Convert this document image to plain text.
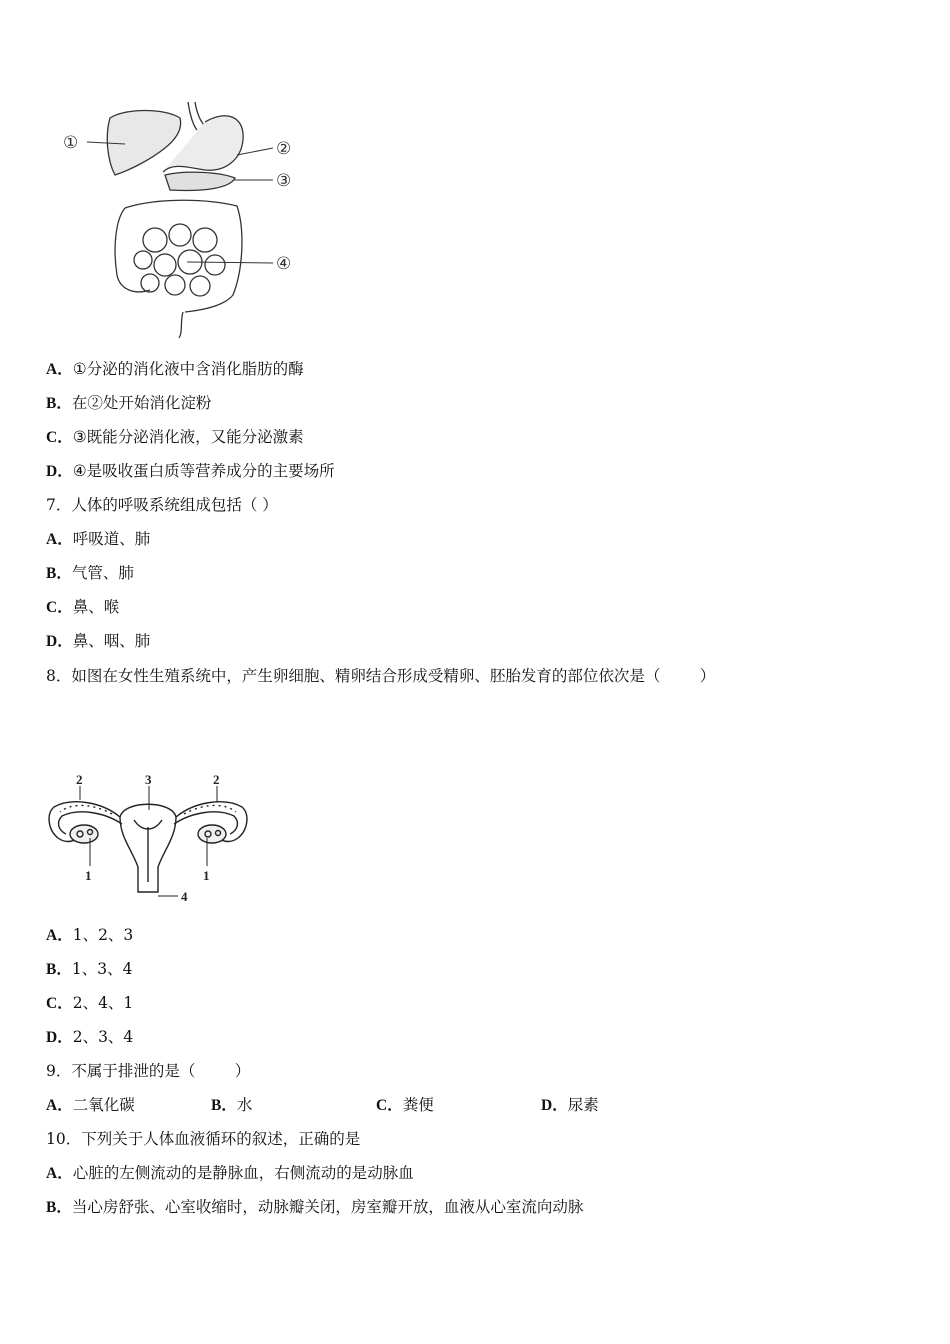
①	②
③
④
A．①分泌的消化液中含消化脂肪的酶
B．在②处开始消化淀粉
C．③既能分泌消化液，又能分泌激素
D．④是吸收蛋白质等营养成分的主要场所
7．人体的呼吸系统组成包括（ ）
A．呼吸道、肺
B．气管、肺
C．鼻、喉
D．鼻、咽、肺
8．如图在女性生殖系统中，产生卵细胞、精卵结合形成受精卵、胚胎发育的部位依次是（        ）
2	3	2
1	1
4
A．1、2、3
B．1、3、4
C．2、4、1
D．2、3、4
9．不属于排泄的是（        ）
A．二氧化碳	B．水	C．粪便	D．尿素
10．下列关于人体血液循环的叙述，正确的是
A．心脏的左侧流动的是静脉血，右侧流动的是动脉血
B．当心房舒张、心室收缩时，动脉瓣关闭，房室瓣开放，血液从心室流向动脉
